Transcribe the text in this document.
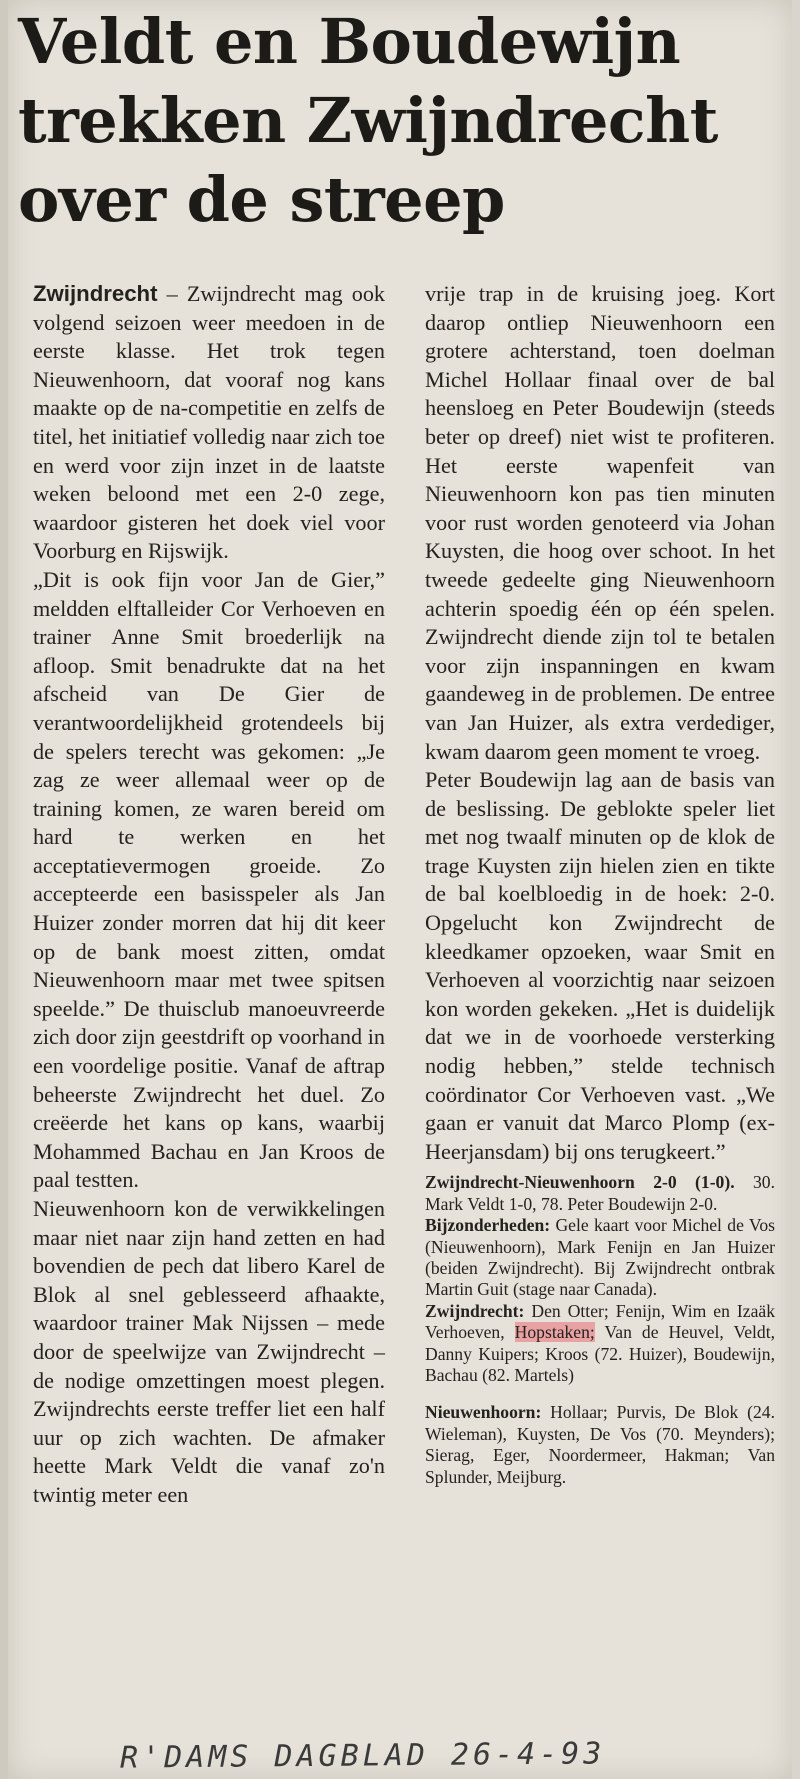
Veldt en Boudewijn
trekken Zwijndrecht
over de streep

Zwijndrecht – Zwijndrecht mag ook volgend seizoen weer meedoen in de eerste klasse. Het trok tegen Nieuwenhoorn, dat vooraf nog kans maakte op de na-competitie en zelfs de titel, het initiatief volledig naar zich toe en werd voor zijn inzet in de laatste weken beloond met een 2-0 zege, waardoor gisteren het doek viel voor Voorburg en Rijswijk.

„Dit is ook fijn voor Jan de Gier,” meldden elftalleider Cor Verhoeven en trainer Anne Smit broederlijk na afloop. Smit benadrukte dat na het afscheid van De Gier de verantwoordelijkheid grotendeels bij de spelers terecht was gekomen: „Je zag ze weer allemaal weer op de training komen, ze waren bereid om hard te werken en het acceptatievermogen groeide. Zo accepteerde een basisspeler als Jan Huizer zonder morren dat hij dit keer op de bank moest zitten, omdat Nieuwenhoorn maar met twee spitsen speelde.” De thuisclub manoeuvreerde zich door zijn geestdrift op voorhand in een voordelige positie. Vanaf de aftrap beheerste Zwijndrecht het duel. Zo creëerde het kans op kans, waarbij Mohammed Bachau en Jan Kroos de paal testten.

Nieuwenhoorn kon de verwikkelingen maar niet naar zijn hand zetten en had bovendien de pech dat libero Karel de Blok al snel geblesseerd afhaakte, waardoor trainer Mak Nijssen – mede door de speelwijze van Zwijndrecht – de nodige omzettingen moest plegen. Zwijndrechts eerste treffer liet een half uur op zich wachten. De afmaker heette Mark Veldt die vanaf zo'n twintig meter een

vrije trap in de kruising joeg. Kort daarop ontliep Nieuwenhoorn een grotere achterstand, toen doelman Michel Hollaar finaal over de bal heensloeg en Peter Boudewijn (steeds beter op dreef) niet wist te profiteren. Het eerste wapenfeit van Nieuwenhoorn kon pas tien minuten voor rust worden genoteerd via Johan Kuysten, die hoog over schoot. In het tweede gedeelte ging Nieuwenhoorn achterin spoedig één op één spelen. Zwijndrecht diende zijn tol te betalen voor zijn inspanningen en kwam gaandeweg in de problemen. De entree van Jan Huizer, als extra verdediger, kwam daarom geen moment te vroeg.

Peter Boudewijn lag aan de basis van de beslissing. De geblokte speler liet met nog twaalf minuten op de klok de trage Kuysten zijn hielen zien en tikte de bal koelbloedig in de hoek: 2-0. Opgelucht kon Zwijndrecht de kleedkamer opzoeken, waar Smit en Verhoeven al voorzichtig naar seizoen kon worden gekeken. „Het is duidelijk dat we in de voorhoede versterking nodig hebben,” stelde technisch coördinator Cor Verhoeven vast. „We gaan er vanuit dat Marco Plomp (ex-Heerjansdam) bij ons terugkeert.”

Zwijndrecht-Nieuwenhoorn 2-0 (1-0). 30. Mark Veldt 1-0, 78. Peter Boudewijn 2-0.

Bijzonderheden: Gele kaart voor Michel de Vos (Nieuwenhoorn), Mark Fenijn en Jan Huizer (beiden Zwijndrecht). Bij Zwijndrecht ontbrak Martin Guit (stage naar Canada).

Zwijndrecht: Den Otter; Fenijn, Wim en Izaäk Verhoeven, Hopstaken; Van de Heuvel, Veldt, Danny Kuipers; Kroos (72. Huizer), Boudewijn, Bachau (82. Martels)

Nieuwenhoorn: Hollaar; Purvis, De Blok (24. Wieleman), Kuysten, De Vos (70. Meynders); Sierag, Eger, Noordermeer, Hakman; Van Splunder, Meijburg.

R'DAMS DAGBLAD 26-4-93
